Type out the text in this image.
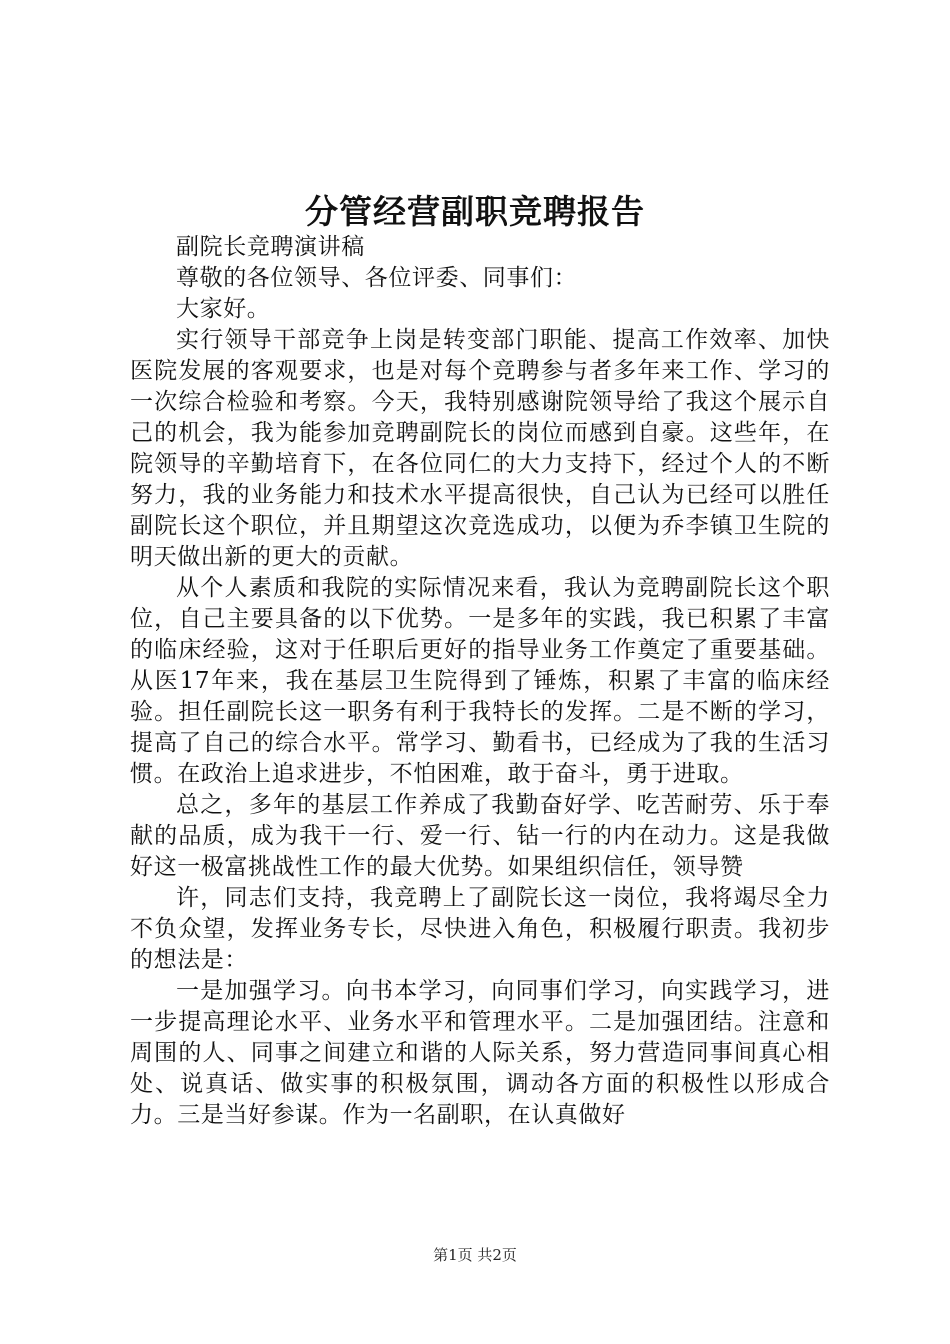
分管经营副职竞聘报告

副院长竞聘演讲稿

尊敬的各位领导、各位评委、同事们：

大家好。

实行领导干部竞争上岗是转变部门职能、提高工作效率、加快医院发展的客观要求，也是对每个竞聘参与者多年来工作、学习的一次综合检验和考察。今天，我特别感谢院领导给了我这个展示自己的机会，我为能参加竞聘副院长的岗位而感到自豪。这些年，在院领导的辛勤培育下，在各位同仁的大力支持下，经过个人的不断努力，我的业务能力和技术水平提高很快，自己认为已经可以胜任副院长这个职位，并且期望这次竞选成功，以便为乔李镇卫生院的明天做出新的更大的贡献。

从个人素质和我院的实际情况来看，我认为竞聘副院长这个职位，自己主要具备的以下优势。一是多年的实践，我已积累了丰富的临床经验，这对于任职后更好的指导业务工作奠定了重要基础。从医17年来，我在基层卫生院得到了锤炼，积累了丰富的临床经验。担任副院长这一职务有利于我特长的发挥。二是不断的学习，提高了自己的综合水平。常学习、勤看书，已经成为了我的生活习惯。在政治上追求进步，不怕困难，敢于奋斗，勇于进取。

总之，多年的基层工作养成了我勤奋好学、吃苦耐劳、乐于奉献的品质，成为我干一行、爱一行、钻一行的内在动力。这是我做好这一极富挑战性工作的最大优势。如果组织信任，领导赞

许，同志们支持，我竞聘上了副院长这一岗位，我将竭尽全力不负众望，发挥业务专长，尽快进入角色，积极履行职责。我初步的想法是：

一是加强学习。向书本学习，向同事们学习，向实践学习，进一步提高理论水平、业务水平和管理水平。二是加强团结。注意和周围的人、同事之间建立和谐的人际关系，努力营造同事间真心相处、说真话、做实事的积极氛围，调动各方面的积极性以形成合力。三是当好参谋。作为一名副职，在认真做好

第1页 共2页
